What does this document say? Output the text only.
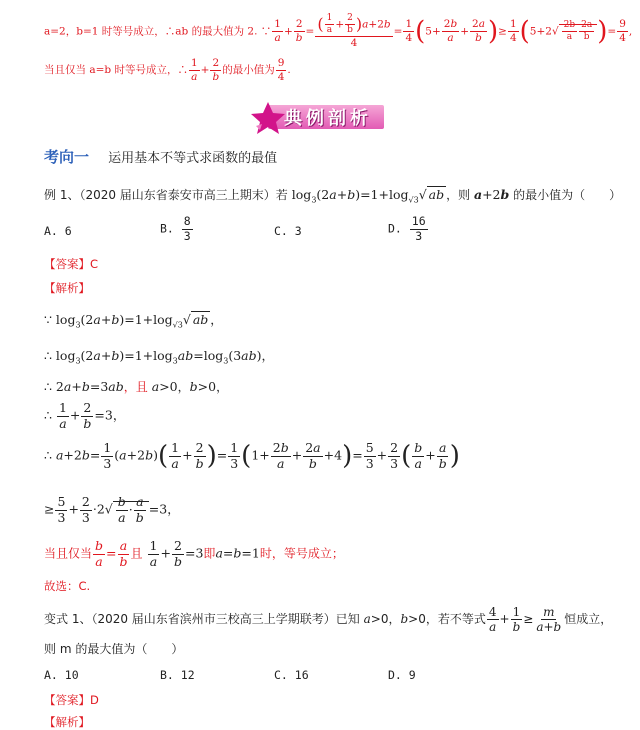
a=2，b=1 时等号成立，∴ab 的最大值为 2. ∵ $\frac{1}{a} + \frac{2}{b} = \frac{( \frac{1}{a} + \frac{2}{b} )a+2b}{4} = \frac{1}{4} (5+ \frac{2b}{a} + \frac{2a}{b}$ )≥ $\frac{1}{4} (5+2√ \frac{2b}{a} \frac{2a}{b}$ )= $\frac{9}{4}$ ,
当且仅当 a=b 时等号成立，∴ $\frac{1}{a} + \frac{2}{b}$ 的最小值为 $\frac{9}{4}$ .
典例剖析
考向一 运用基本不等式求函数的最值
例 1、（2020 届山东省泰安市高三上期末）若 $\log_3(2a+b)=1+\log_{√3}√$ ab ，则 a+2b 的最小值为（　　）
A. 6	B. $\frac{8}{3}$	C. 3	D. $\frac{16}{3}$
【答案】C
【解析】
∵ $\log_3(2a+b)=1+\log_{√3}√$ ab ，
∴ $\log_3(2a+b)=1+\log_3ab=\log_3(3ab)$，
∴ 2a+b=3ab，且 a>0，b>0，
∴ $\frac{1}{a} + \frac{2}{b} =3$，
∴ $a+2b= \frac{1}{3} (a+2b)( \frac{1}{a} + \frac{2}{b}$ )= $\frac{1}{3} (1+ \frac{2b}{a} + \frac{2a}{b} +4)= \frac{5}{3} + \frac{2}{3}$ ( $\frac{b}{a} + \frac{a}{b}$ )
≥ $\frac{5}{3} + \frac{2}{3} \cdot 2√ \frac{b}{a} \cdot \frac{a}{b} =3$，
当且仅当 $\frac{b}{a} = \frac{a}{b}$ 且 $\frac{1}{a} + \frac{2}{b} =3$即a=b=1时，等号成立；
故选：C.
变式 1、（2020 届山东省滨州市三校高三上学期联考）已知 a>0，b>0，若不等式 $\frac{4}{a} + \frac{1}{b} \ge \frac{m}{a+b}$ 恒成立，
则 m 的最大值为（　　）
A. 10	B. 12	C. 16	D. 9
【答案】D
【解析】
